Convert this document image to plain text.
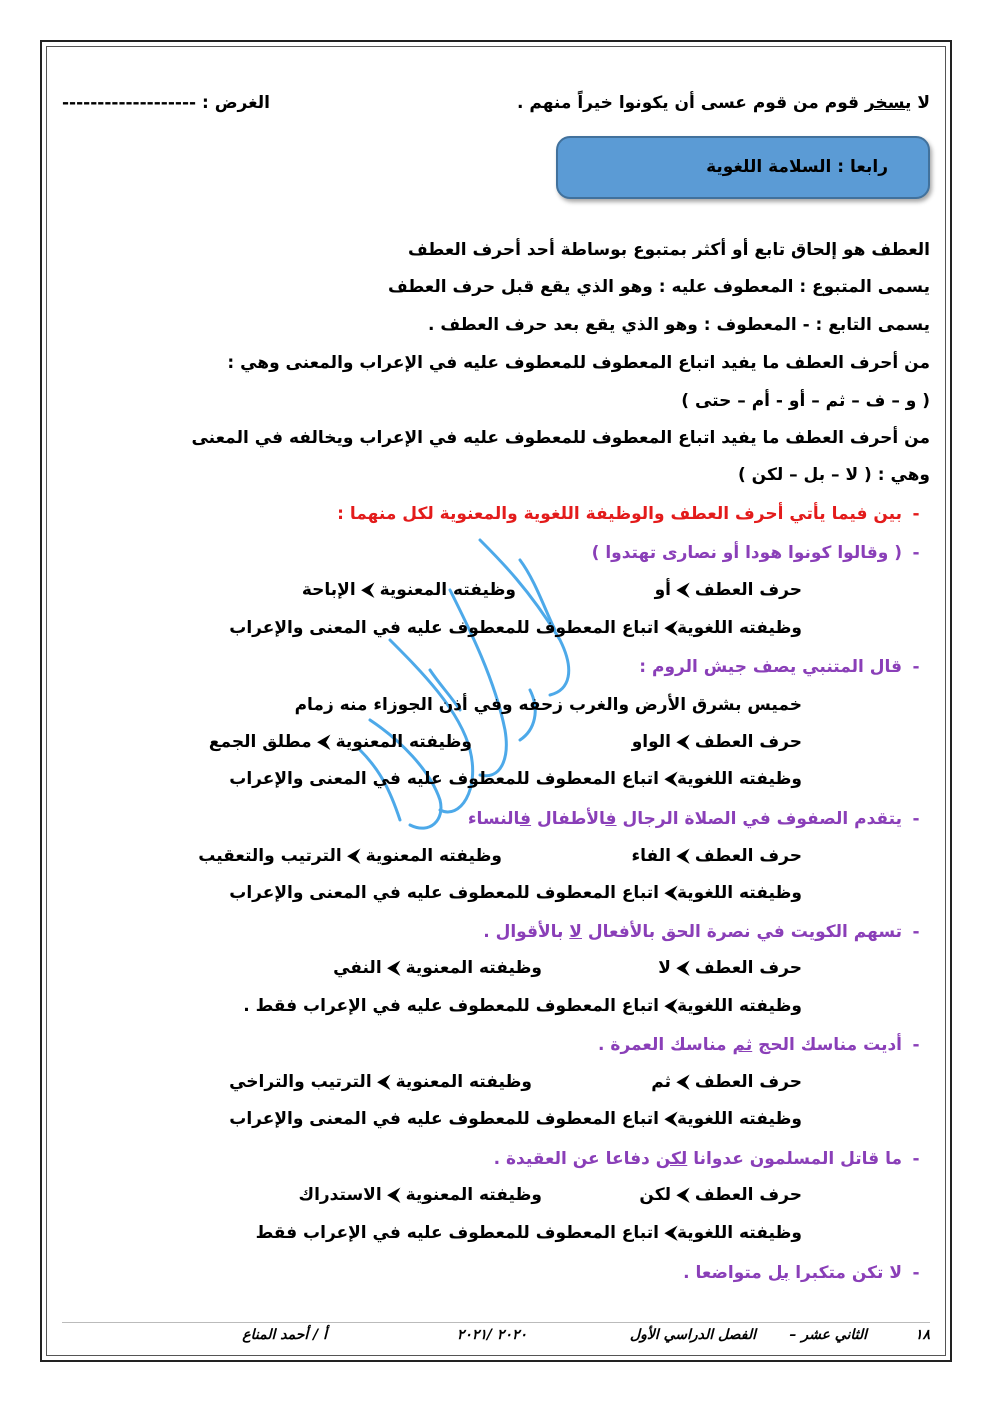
لا يسخر قوم من قوم عسى أن يكونوا خيراً منهم .
الغرض : -------------------
رابعا : السلامة اللغوية
العطف هو إلحاق تابع أو أكثر بمتبوع بوساطة أحد أحرف العطف
يسمى المتبوع : المعطوف عليه : وهو الذي يقع قبل حرف العطف
يسمى التابع : - المعطوف : وهو الذي يقع بعد حرف العطف .
من أحرف العطف ما يفيد اتباع المعطوف للمعطوف عليه في الإعراب والمعنى وهي :
( و – ف – ثم – أو - أم – حتى )
من أحرف العطف ما يفيد اتباع المعطوف للمعطوف عليه في الإعراب ويخالفه في المعنى
وهي : ( لا – بل – لكن )
-بين فيما يأتي أحرف العطف والوظيفة اللغوية والمعنوية لكل منهما :
-( وقالوا كونوا هودا أو نصارى تهتدوا )
حرف العطف ⮜ أو
وظيفته المعنوية ⮜ الإباحة
وظيفته اللغوية⮜ اتباع المعطوف للمعطوف عليه في المعنى والإعراب
-قال المتنبي يصف جيش الروم :
خميس بشرق الأرض والغرب زحفه وفي أذن الجوزاء منه زمام
حرف العطف ⮜ الواو
وظيفته المعنوية ⮜ مطلق الجمع
وظيفته اللغوية⮜ اتباع المعطوف للمعطوف عليه في المعنى والإعراب
-يتقدم الصفوف في الصلاة الرجال فالأطفال فالنساء
حرف العطف ⮜ الفاء
وظيفته المعنوية ⮜ الترتيب والتعقيب
وظيفته اللغوية⮜ اتباع المعطوف للمعطوف عليه في المعنى والإعراب
-تسهم الكويت في نصرة الحق بالأفعال لا بالأقوال .
حرف العطف ⮜ لا
وظيفته المعنوية ⮜ النفي
وظيفته اللغوية⮜ اتباع المعطوف للمعطوف عليه في الإعراب فقط .
-أديت مناسك الحج ثم مناسك العمرة .
حرف العطف ⮜ ثم
وظيفته المعنوية ⮜ الترتيب والتراخي
وظيفته اللغوية⮜ اتباع المعطوف للمعطوف عليه في المعنى والإعراب
-ما قاتل المسلمون عدوانا لكن دفاعا عن العقيدة .
حرف العطف ⮜ لكن
وظيفته المعنوية ⮜ الاستدراك
وظيفته اللغوية⮜ اتباع المعطوف للمعطوف عليه في الإعراب فقط
-لا تكن متكبرا بل متواضعا .
١٨
الثاني عشر –
الفصل الدراسي الأول
٢٠٢٠ /٢٠٢١
أ / أحمد المناع
